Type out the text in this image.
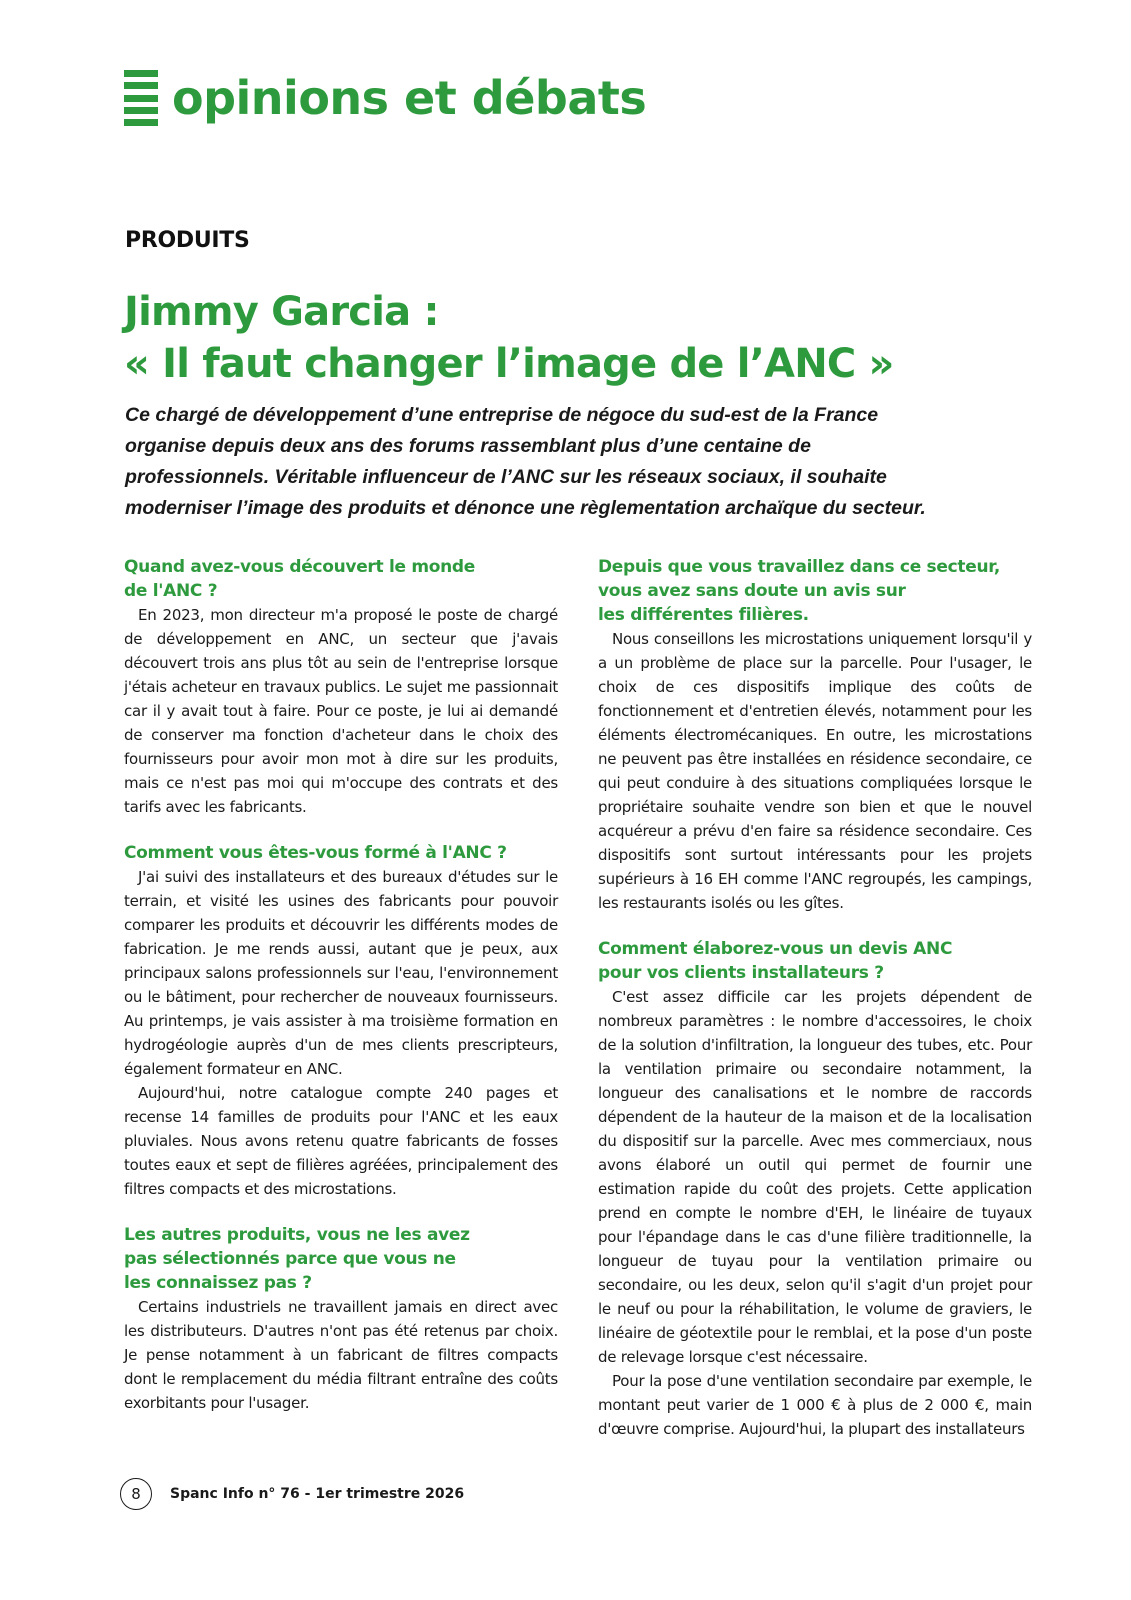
opinions et débats
PRODUITS
Jimmy Garcia :
« Il faut changer l’image de l’ANC »
Ce chargé de développement d’une entreprise de négoce du sud-est de la France
organise depuis deux ans des forums rassemblant plus d’une centaine de
professionnels. Véritable influenceur de l’ANC sur les réseaux sociaux, il souhaite
moderniser l’image des produits et dénonce une règlementation archaïque du secteur.
Quand avez-vous découvert le monde
de l'ANC ?
En 2023, mon directeur m'a proposé le poste de chargé de développement en ANC, un secteur que j'avais découvert trois ans plus tôt au sein de l'entreprise lorsque j'étais acheteur en travaux publics. Le sujet me passionnait car il y avait tout à faire. Pour ce poste, je lui ai demandé de conserver ma fonction d'acheteur dans le choix des fournisseurs pour avoir mon mot à dire sur les produits, mais ce n'est pas moi qui m'occupe des contrats et des tarifs avec les fabricants.
Comment vous êtes-vous formé à l'ANC ?
J'ai suivi des installateurs et des bureaux d'études sur le terrain, et visité les usines des fabricants pour pouvoir comparer les produits et découvrir les différents modes de fabrication. Je me rends aussi, autant que je peux, aux principaux salons professionnels sur l'eau, l'environnement ou le bâtiment, pour rechercher de nouveaux fournisseurs. Au printemps, je vais assister à ma troisième formation en hydrogéologie auprès d'un de mes clients prescripteurs, également formateur en ANC.
Aujourd'hui, notre catalogue compte 240 pages et recense 14 familles de produits pour l'ANC et les eaux pluviales. Nous avons retenu quatre fabricants de fosses toutes eaux et sept de filières agréées, principalement des filtres compacts et des microstations.
Les autres produits, vous ne les avez
pas sélectionnés parce que vous ne
les connaissez pas ?
Certains industriels ne travaillent jamais en direct avec les distributeurs. D'autres n'ont pas été retenus par choix. Je pense notamment à un fabricant de filtres compacts dont le remplacement du média filtrant entraîne des coûts exorbitants pour l'usager.
Depuis que vous travaillez dans ce secteur,
vous avez sans doute un avis sur
les différentes filières.
Nous conseillons les microstations uniquement lorsqu'il y a un problème de place sur la parcelle. Pour l'usager, le choix de ces dispositifs implique des coûts de fonctionnement et d'entretien élevés, notamment pour les éléments électromécaniques. En outre, les microstations ne peuvent pas être installées en résidence secondaire, ce qui peut conduire à des situations compliquées lorsque le propriétaire souhaite vendre son bien et que le nouvel acquéreur a prévu d'en faire sa résidence secondaire. Ces dispositifs sont surtout intéressants pour les projets supérieurs à 16 EH comme l'ANC regroupés, les campings, les restaurants isolés ou les gîtes.
Comment élaborez-vous un devis ANC
pour vos clients installateurs ?
C'est assez difficile car les projets dépendent de nombreux paramètres : le nombre d'accessoires, le choix de la solution d'infiltration, la longueur des tubes, etc. Pour la ventilation primaire ou secondaire notamment, la longueur des canalisations et le nombre de raccords dépendent de la hauteur de la maison et de la localisation du dispositif sur la parcelle. Avec mes commerciaux, nous avons élaboré un outil qui permet de fournir une estimation rapide du coût des projets. Cette application prend en compte le nombre d'EH, le linéaire de tuyaux pour l'épandage dans le cas d'une filière traditionnelle, la longueur de tuyau pour la ventilation primaire ou secondaire, ou les deux, selon qu'il s'agit d'un projet pour le neuf ou pour la réhabilitation, le volume de graviers, le linéaire de géotextile pour le remblai, et la pose d'un poste de relevage lorsque c'est nécessaire.
Pour la pose d'une ventilation secondaire par exemple, le montant peut varier de 1 000 € à plus de 2 000 €, main d'œuvre comprise. Aujourd'hui, la plupart des installateurs
8	Spanc Info n° 76 - 1er trimestre 2026
